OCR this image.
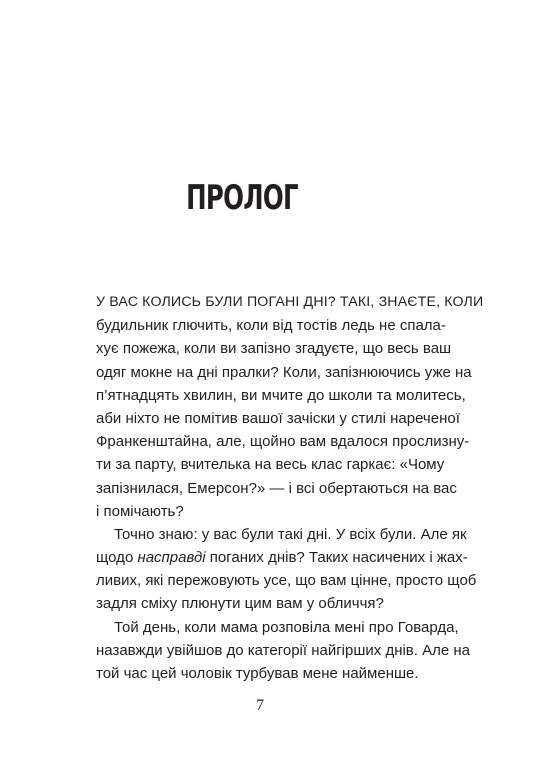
ПРОЛОГ
У ВАС КОЛИСЬ БУЛИ ПОГАНІ ДНІ? ТАКІ, ЗНАЄТЕ, КОЛИ
будильник глючить, коли від тостів ледь не спала-
хує пожежа, коли ви запізно згадуєте, що весь ваш
одяг мокне на дні пралки? Коли, запізнюючись уже на
п’ятнадцять хвилин, ви мчите до школи та молитесь,
аби ніхто не помітив вашої зачіски у стилі нареченої
Франкенштайна, але, щойно вам вдалося прослизну-
ти за парту, вчителька на весь клас гаркає: «Чому
запізнилася, Емерсон?» — і всі обертаються на вас
і помічають?
Точно знаю: у вас були такі дні. У всіх були. Але як
щодо насправді поганих днів? Таких насичених і жах-
ливих, які пережовують усе, що вам цінне, просто щоб
задля сміху плюнути цим вам у обличчя?
Той день, коли мама розповіла мені про Говарда,
назавжди увійшов до категорії найгірших днів. Але на
той час цей чоловік турбував мене найменше.
7
